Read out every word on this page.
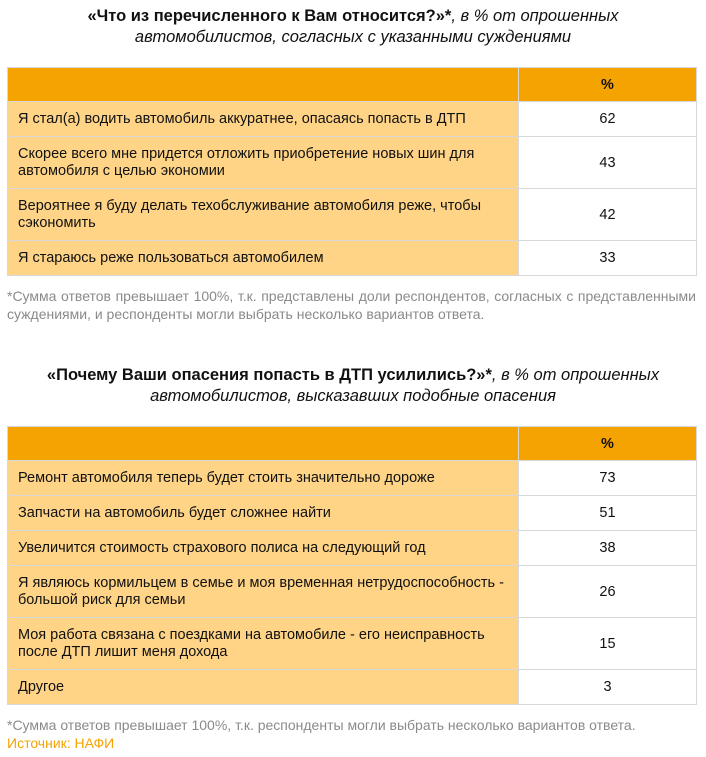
«Что из перечисленного к Вам относится?»*, в % от опрошенных
автомобилистов, согласных с указанными суждениями
	%
Я стал(а) водить автомобиль аккуратнее, опасаясь попасть в ДТП	62
Скорее всего мне придется отложить приобретение новых шин для автомобиля с целью экономии	43
Вероятнее я буду делать техобслуживание автомобиля реже, чтобы сэкономить	42
Я стараюсь реже пользоваться автомобилем	33
*Сумма ответов превышает 100%, т.к. представлены доли респондентов, согласных с представленными суждениями, и респонденты могли выбрать несколько вариантов ответа.
«Почему Ваши опасения попасть в ДТП усилились?»*, в % от опрошенных
автомобилистов, высказавших подобные опасения
	%
Ремонт автомобиля теперь будет стоить значительно дороже	73
Запчасти на автомобиль будет сложнее найти	51
Увеличится стоимость страхового полиса на следующий год	38
Я являюсь кормильцем в семье и моя временная нетрудоспособность - большой риск для семьи	26
Моя работа связана с поездками на автомобиле - его неисправность после ДТП лишит меня дохода	15
Другое	3
*Сумма ответов превышает 100%, т.к. респонденты могли выбрать несколько вариантов ответа.
Источник: НАФИ
